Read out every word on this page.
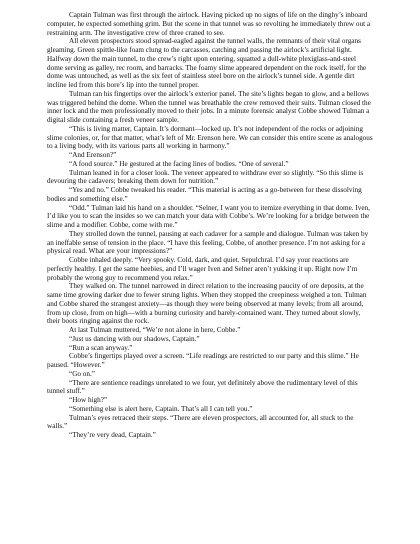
Captain Tulman was first through the airlock. Having picked up no signs of life on the dinghy’s inboard computer, he expected something grim. But the scene in that tunnel was so revolting he immediately threw out a restraining arm. The investigative crew of three craned to see.

All eleven prospectors stood spread-eagled against the tunnel walls, the remnants of their vital organs gleaming. Green spittle-like foam clung to the carcasses, catching and passing the airlock’s artificial light. Halfway down the main tunnel, to the crew’s right upon entering, squatted a dull-white plexiglass-and-steel dome serving as galley, rec room, and barracks. The foamy slime appeared dependent on the rock itself, for the dome was untouched, as well as the six feet of stainless steel bore on the airlock’s tunnel side. A gentle dirt incline led from this bore’s lip into the tunnel proper.

Tulman ran his fingertips over the airlock’s exterior panel. The site’s lights began to glow, and a bellows was triggered behind the dome. When the tunnel was breathable the crew removed their suits. Tulman closed the inner lock and the men professionally moved to their jobs. In a minute forensic analyst Cobbe showed Tulman a digital slide containing a fresh veneer sample.

“This is living matter, Captain. It’s dormant—locked up. It’s not independent of the rocks or adjoining slime colonies, or, for that matter, what’s left of Mr. Erenson here. We can consider this entire scene as analogous to a living body, with its various parts all working in harmony.”

“And Erenson?”

“A food source.” He gestured at the facing lines of bodies. “One of several.”

Tulman leaned in for a closer look. The veneer appeared to withdraw ever so slightly. “So this slime is devouring the cadavers; breaking them down for nutrition.”

“Yes and no.” Cobbe tweaked his reader. “This material is acting as a go-between for these dissolving bodies and something else.”

“Odd.” Tulman laid his hand on a shoulder. “Selner, I want you to itemize everything in that dome. Iven, I’d like you to scan the insides so we can match your data with Cobbe’s. We’re looking for a bridge between the slime and a modifier. Cobbe, come with me.”

They strolled down the tunnel, pausing at each cadaver for a sample and dialogue. Tulman was taken by an ineffable sense of tension in the place. “I have this feeling, Cobbe, of another presence. I’m not asking for a physical read. What are your impressions?”

Cobbe inhaled deeply. “Very spooky. Cold, dark, and quiet. Sepulchral. I’d say your reactions are perfectly healthy. I get the same heebies, and I’ll wager Iven and Selner aren’t yukking it up. Right now I’m probably the wrong guy to recommend you relax.”

They walked on. The tunnel narrowed in direct relation to the increasing paucity of ore deposits, at the same time growing darker due to fewer strung lights. When they stopped the creepiness weighed a ton. Tulman and Cobbe shared the strangest anxiety—as though they were being observed at many levels; from all around, from up close, from on high—with a burning curiosity and barely-contained want. They turned about slowly, their boots ringing against the rock.

At last Tulman muttered, “We’re not alone in here, Cobbe.”

“Just us dancing with our shadows, Captain.”

“Run a scan anyway.”

Cobbe’s fingertips played over a screen. “Life readings are restricted to our party and this slime.” He paused. “However.”

“Go on.”

“There are sentience readings unrelated to we four, yet definitely above the rudimentary level of this tunnel stuff.”

“How high?”

“Something else is alert here, Captain. That’s all I can tell you.”

Tulman’s eyes retraced their steps. “There are eleven prospectors, all accounted for, all stuck to the walls.”

“They’re very dead, Captain.”
